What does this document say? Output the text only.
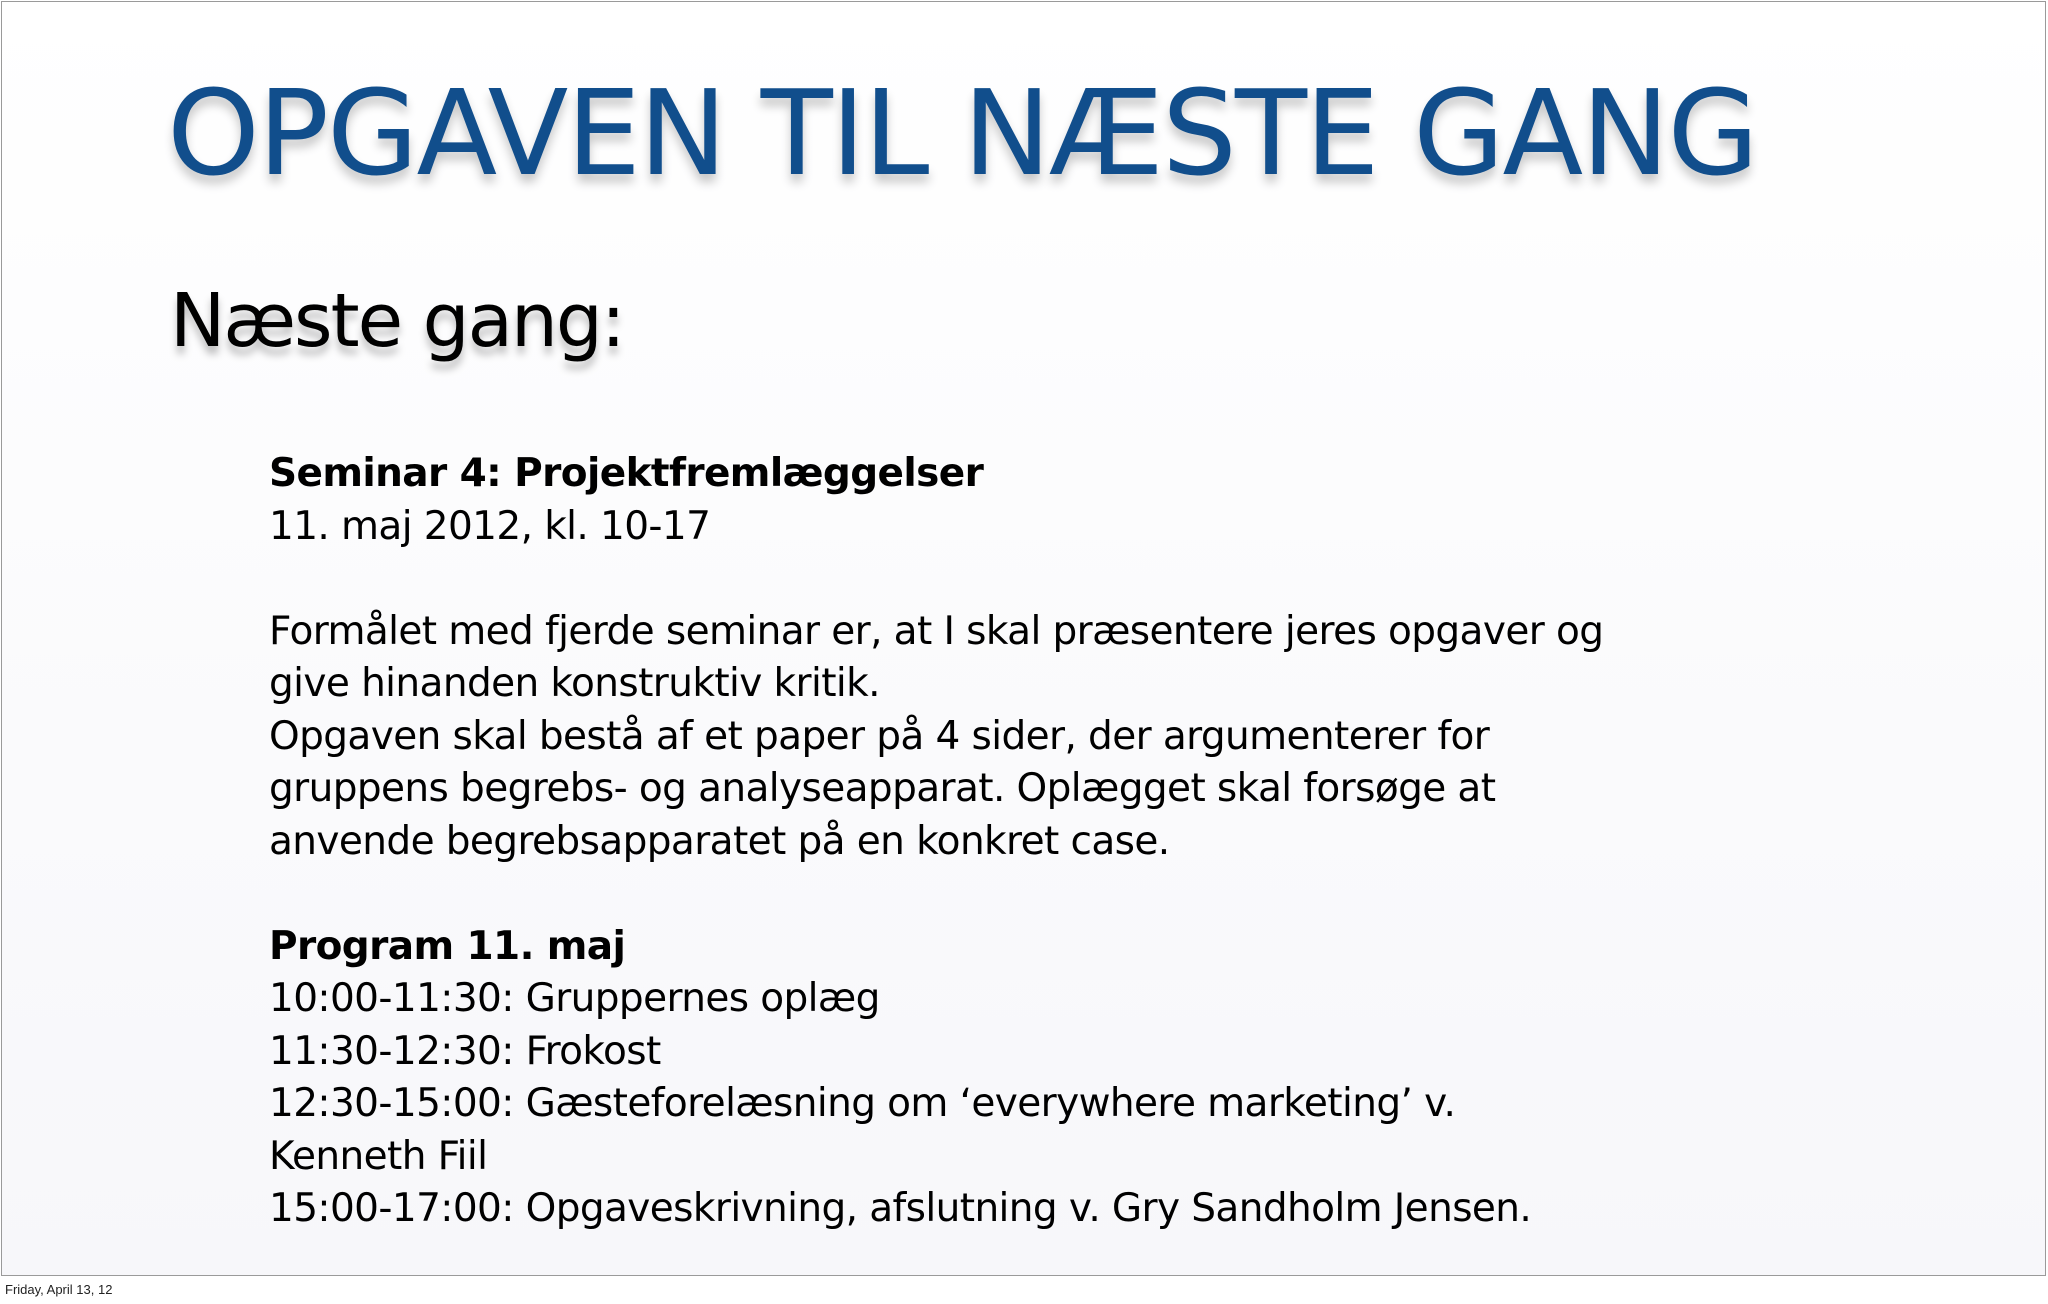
OPGAVEN TIL NÆSTE GANG
Næste gang:
Seminar 4: Projektfremlæggelser
11. maj 2012, kl. 10-17
Formålet med fjerde seminar er, at I skal præsentere jeres opgaver og
give hinanden konstruktiv kritik.
Opgaven skal bestå af et paper på 4 sider, der argumenterer for
gruppens begrebs- og analyseapparat. Oplægget skal forsøge at
anvende begrebsapparatet på en konkret case.
Program 11. maj
10:00-11:30: Gruppernes oplæg
11:30-12:30: Frokost
12:30-15:00: Gæsteforelæsning om ‘everywhere marketing’ v.
Kenneth Fiil
15:00-17:00: Opgaveskrivning, afslutning v. Gry Sandholm Jensen.
Friday, April 13, 12
